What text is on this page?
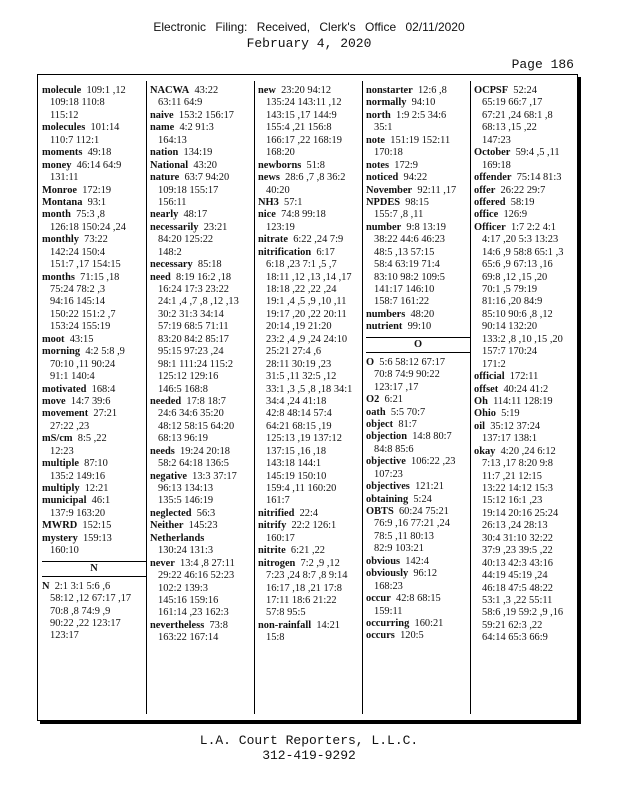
Electronic Filing: Received, Clerk's Office 02/11/2020
February 4, 2020
Page 186
molecule 109:1 ,12
109:18 110:8
115:12
molecules 101:14
110:7 112:1
moments 49:18
money 46:14 64:9
131:11
Monroe 172:19
Montana 93:1
month 75:3 ,8
126:18 150:24 ,24
monthly 73:22
142:24 150:4
151:7 ,17 154:15
months 71:15 ,18
75:24 78:2 ,3
94:16 145:14
150:22 151:2 ,7
153:24 155:19
moot 43:15
morning 4:2 5:8 ,9
70:10 ,11 90:24
91:1 140:4
motivated 168:4
move 14:7 39:6
movement 27:21
27:22 ,23
mS/cm 8:5 ,22
12:23
multiple 87:10
135:2 149:16
multiply 12:21
municipal 46:1
137:9 163:20
MWRD 152:15
mystery 159:13
160:10
N
N 2:1 3:1 5:6 ,6
58:12 ,12 67:17 ,17
70:8 ,8 74:9 ,9
90:22 ,22 123:17
123:17
NACWA 43:22
63:11 64:9
naive 153:2 156:17
name 4:2 91:3
164:13
nation 134:19
National 43:20
nature 63:7 94:20
109:18 155:17
156:11
nearly 48:17
necessarily 23:21
84:20 125:22
148:2
necessary 85:18
need 8:19 16:2 ,18
16:24 17:3 23:22
24:1 ,4 ,7 ,8 ,12 ,13
30:2 31:3 34:14
57:19 68:5 71:11
83:20 84:2 85:17
95:15 97:23 ,24
98:1 111:24 115:2
125:12 129:16
146:5 168:8
needed 17:8 18:7
24:6 34:6 35:20
48:12 58:15 64:20
68:13 96:19
needs 19:24 20:18
58:2 64:18 136:5
negative 13:3 37:17
96:13 134:13
135:5 146:19
neglected 56:3
Neither 145:23
Netherlands
130:24 131:3
never 13:4 ,8 27:11
29:22 46:16 52:23
102:2 139:3
145:16 159:16
161:14 ,23 162:3
nevertheless 73:8
163:22 167:14
new 23:20 94:12
135:24 143:11 ,12
143:15 ,17 144:9
155:4 ,21 156:8
166:17 ,22 168:19
168:20
newborns 51:8
news 28:6 ,7 ,8 36:2
40:20
NH3 57:1
nice 74:8 99:18
123:19
nitrate 6:22 ,24 7:9
nitrification 6:17
6:18 ,23 7:1 ,5 ,7
18:11 ,12 ,13 ,14 ,17
18:18 ,22 ,22 ,24
19:1 ,4 ,5 ,9 ,10 ,11
19:17 ,20 ,22 20:11
20:14 ,19 21:20
23:2 ,4 ,9 ,24 24:10
25:21 27:4 ,6
28:11 30:19 ,23
31:5 ,11 32:5 ,12
33:1 ,3 ,5 ,8 ,18 34:1
34:4 ,24 41:18
42:8 48:14 57:4
64:21 68:15 ,19
125:13 ,19 137:12
137:15 ,16 ,18
143:18 144:1
145:19 150:10
159:4 ,11 160:20
161:7
nitrified 22:4
nitrify 22:2 126:1
160:17
nitrite 6:21 ,22
nitrogen 7:2 ,9 ,12
7:23 ,24 8:7 ,8 9:14
16:17 ,18 ,21 17:8
17:11 18:6 21:22
57:8 95:5
non-rainfall 14:21
15:8
nonstarter 12:6 ,8
normally 94:10
north 1:9 2:5 34:6
35:1
note 151:19 152:11
170:18
notes 172:9
noticed 94:22
November 92:11 ,17
NPDES 98:15
155:7 ,8 ,11
number 9:8 13:19
38:22 44:6 46:23
48:5 ,13 57:15
58:4 63:19 71:4
83:10 98:2 109:5
141:17 146:10
158:7 161:22
numbers 48:20
nutrient 99:10
O
O 5:6 58:12 67:17
70:8 74:9 90:22
123:17 ,17
O2 6:21
oath 5:5 70:7
object 81:7
objection 14:8 80:7
84:8 85:6
objective 106:22 ,23
107:23
objectives 121:21
obtaining 5:24
OBTS 60:24 75:21
76:9 ,16 77:21 ,24
78:5 ,11 80:13
82:9 103:21
obvious 142:4
obviously 96:12
168:23
occur 42:8 68:15
159:11
occurring 160:21
occurs 120:5
OCPSF 52:24
65:19 66:7 ,17
67:21 ,24 68:1 ,8
68:13 ,15 ,22
147:23
October 59:4 ,5 ,11
169:18
offender 75:14 81:3
offer 26:22 29:7
offered 58:19
office 126:9
Officer 1:7 2:2 4:1
4:17 ,20 5:3 13:23
14:6 ,9 58:8 65:1 ,3
65:6 ,9 67:13 ,16
69:8 ,12 ,15 ,20
70:1 ,5 79:19
81:16 ,20 84:9
85:10 90:6 ,8 ,12
90:14 132:20
133:2 ,8 ,10 ,15 ,20
157:7 170:24
171:2
official 172:11
offset 40:24 41:2
Oh 114:11 128:19
Ohio 5:19
oil 35:12 37:24
137:17 138:1
okay 4:20 ,24 6:12
7:13 ,17 8:20 9:8
11:7 ,21 12:15
13:22 14:12 15:3
15:12 16:1 ,23
19:14 20:16 25:24
26:13 ,24 28:13
30:4 31:10 32:22
37:9 ,23 39:5 ,22
40:13 42:3 43:16
44:19 45:19 ,24
46:18 47:5 48:22
53:1 ,3 ,22 55:11
58:6 ,19 59:2 ,9 ,16
59:21 62:3 ,22
64:14 65:3 66:9
L.A. Court Reporters, L.L.C.
312-419-9292
